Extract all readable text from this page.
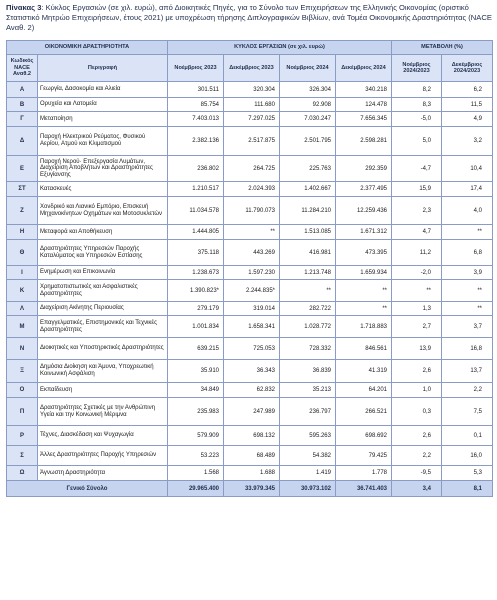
Πίνακας 3: Κύκλος Εργασιών (σε χιλ. ευρώ), από Διοικητικές Πηγές, για το Σύνολο των Επιχειρήσεων της Ελληνικής Οικονομίας (οριστικό Στατιστικό Μητρώο Επιχειρήσεων, έτους 2021) με υποχρέωση τήρησης Διπλογραφικών Βιβλίων, ανά Τομέα Οικονομικής Δραστηριότητας (NACE Αναθ. 2)
ΟΙΚΟΝΟΜΙΚΗ ΔΡΑΣΤΗΡΙΟΤΗΤΑ		ΚΥΚΛΟΣ ΕΡΓΑΣΙΩΝ (σε χιλ. ευρώ)				ΜΕΤΑΒΟΛΗ (%)	
Κωδικός NACE Αναθ.2	Περιγραφή	Νοέμβριος 2023	Δεκέμβριος 2023	Νοέμβριος 2024	Δεκέμβριος 2024	Νοέμβριος 2024/2023	Δεκέμβριος 2024/2023
Α	Γεωργία, Δασοκομία και Αλιεία	301.511	320.304	326.304	340.218	8,2	6,2
Β	Ορυχεία και Λατομεία	85.754	111.680	92.908	124.478	8,3	11,5
Γ	Μεταποίηση	7.403.013	7.297.025	7.030.247	7.656.345	-5,0	4,9
Δ	Παροχή Ηλεκτρικού Ρεύματος, Φυσικού Αερίου, Ατμού και Κλιματισμού	2.382.136	2.517.875	2.501.795	2.598.281	5,0	3,2
Ε	Παροχή Νερού· Επεξεργασία Λυμάτων, Διαχείριση Αποβλήτων και Δραστηριότητες Εξυγίανσης	236.802	264.725	225.763	292.359	-4,7	10,4
ΣΤ	Κατασκευές	1.210.517	2.024.393	1.402.667	2.377.495	15,9	17,4
Ζ	Χονδρικό και Λιανικό Εμπόριο, Επισκευή Μηχανοκίνητων Οχημάτων και Μοτοσυκλετών	11.034.578	11.790.073	11.284.210	12.259.436	2,3	4,0
Η	Μεταφορά και Αποθήκευση	1.444.805	**	1.513.085	1.671.312	4,7	**
Θ	Δραστηριότητες Υπηρεσιών Παροχής Καταλύματος και Υπηρεσιών Εστίασης	375.118	443.269	416.981	473.395	11,2	6,8
Ι	Ενημέρωση και Επικοινωνία	1.238.673	1.597.230	1.213.748	1.659.934	-2,0	3,9
Κ	Χρηματοπιστωτικές και Ασφαλιστικές Δραστηριότητες	1.390.823*	2.244.835*	**	**	**	**
Λ	Διαχείριση Ακίνητης Περιουσίας	279.179	319.014	282.722	**	1,3	**
Μ	Επαγγελματικές, Επιστημονικές και Τεχνικές Δραστηριότητες	1.001.834	1.658.341	1.028.772	1.718.883	2,7	3,7
Ν	Διοικητικές και Υποστηρικτικές Δραστηριότητες	639.215	725.053	728.332	846.561	13,9	16,8
Ξ	Δημόσια Διοίκηση και Άμυνα, Υποχρεωτική Κοινωνική Ασφάλιση	35.910	36.343	36.839	41.319	2,6	13,7
Ο	Εκπαίδευση	34.849	62.832	35.213	64.201	1,0	2,2
Π	Δραστηριότητες Σχετικές με την Ανθρώπινη Υγεία και την Κοινωνική Μέριμνα	235.983	247.989	236.797	266.521	0,3	7,5
Ρ	Τέχνες, Διασκέδαση και Ψυχαγωγία	579.909	698.132	595.263	698.692	2,6	0,1
Σ	Άλλες Δραστηριότητες Παροχής Υπηρεσιών	53.223	68.489	54.382	79.425	2,2	16,0
Ω	Άγνωστη Δραστηριότητα	1.568	1.688	1.419	1.778	-9,5	5,3
Γενικό Σύνολο		29.965.400	33.979.345	30.973.102	36.741.403	3,4	8,1
